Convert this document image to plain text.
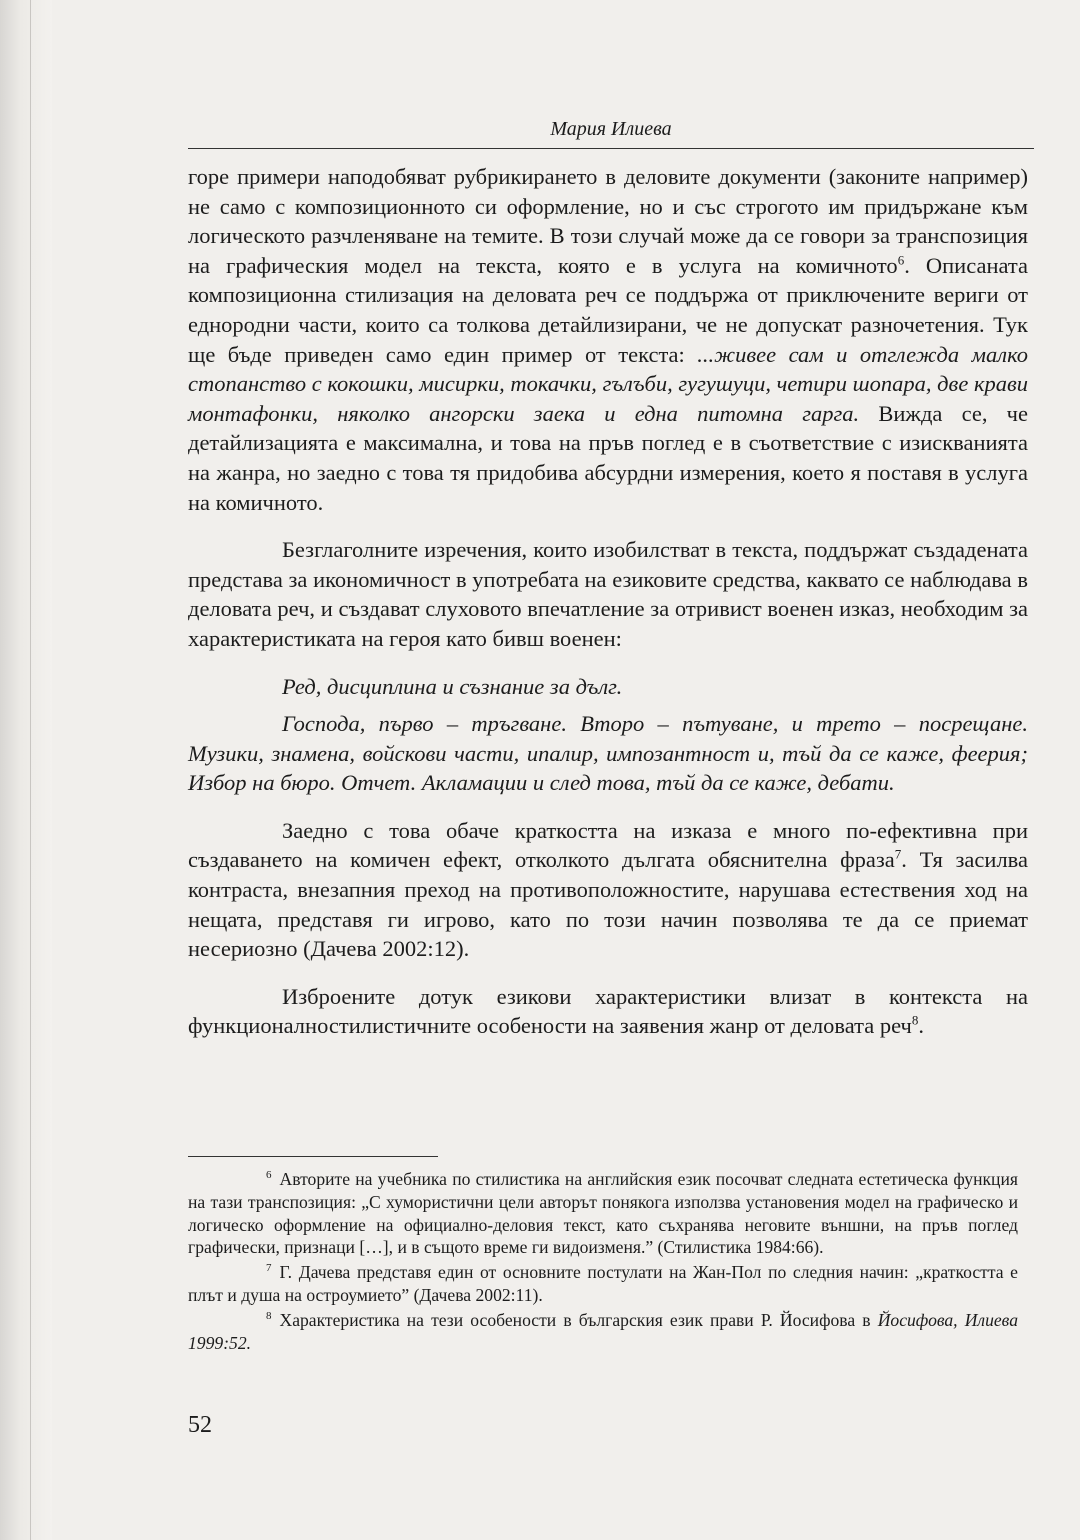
Мария Илиева

горе примери наподобяват рубрикирането в деловите документи (законите например) не само с композиционното си оформление, но и със строгото им придържане към логическото разчленяване на темите. В този случай може да се говори за транспозиция на графическия модел на текста, която е в услуга на комичното$^6$. Описаната композиционна стилизация на деловата реч се поддържа от приключените вериги от еднородни части, които са толкова детайлизирани, че не допускат разночетения. Тук ще бъде приведен само един пример от текста: ...живее сам и отглежда малко стопанство с кокошки, мисирки, токачки, гълъби, гугушуци, четири шопара, две крави монтафонки, няколко ангорски заека и една питомна гарга. Вижда се, че детайлизацията е максимална, и това на пръв поглед е в съответствие с изискванията на жанра, но заедно с това тя придобива абсурдни измерения, което я поставя в услуга на комичното.

Безглаголните изречения, които изобилстват в текста, поддържат създадената представа за икономичност в употребата на езиковите средства, каквато се наблюдава в деловата реч, и създават слуховото впечатление за отривист военен изказ, необходим за характеристиката на героя като бивш военен:

Ред, дисциплина и съзнание за дълг.

Господа, първо – тръгване. Второ – пътуване, и трето – посрещане. Музики, знамена, войскови части, ипалир, импозантност и, тъй да се каже, феерия; Избор на бюро. Отчет. Акламации и след това, тъй да се каже, дебати.

Заедно с това обаче краткостта на изказа е много по-ефективна при създаването на комичен ефект, отколкото дългата обяснителна фраза$^7$. Тя засилва контраста, внезапния преход на противоположностите, нарушава естествения ход на нещата, представя ги игрово, като по този начин позволява те да се приемат несериозно (Дачева 2002:12).

Изброените дотук езикови характеристики влизат в контекста на функционалностилистичните особености на заявения жанр от деловата реч$^8$.

$^6$ Авторите на учебника по стилистика на английския език посочват следната естетическа функция на тази транспозиция: „С хумористични цели авторът понякога използва установения модел на графическо и логическо оформление на официално-деловия текст, като съхранява неговите външни, на пръв поглед графически, признаци […], и в същото време ги видоизменя.” (Стилистика 1984:66).

$^7$ Г. Дачева представя един от основните постулати на Жан-Пол по следния начин: „краткостта е плът и душа на остроумието” (Дачева 2002:11).

$^8$ Характеристика на тези особености в българския език прави Р. Йосифова в Йосифова, Илиева 1999:52.

52
